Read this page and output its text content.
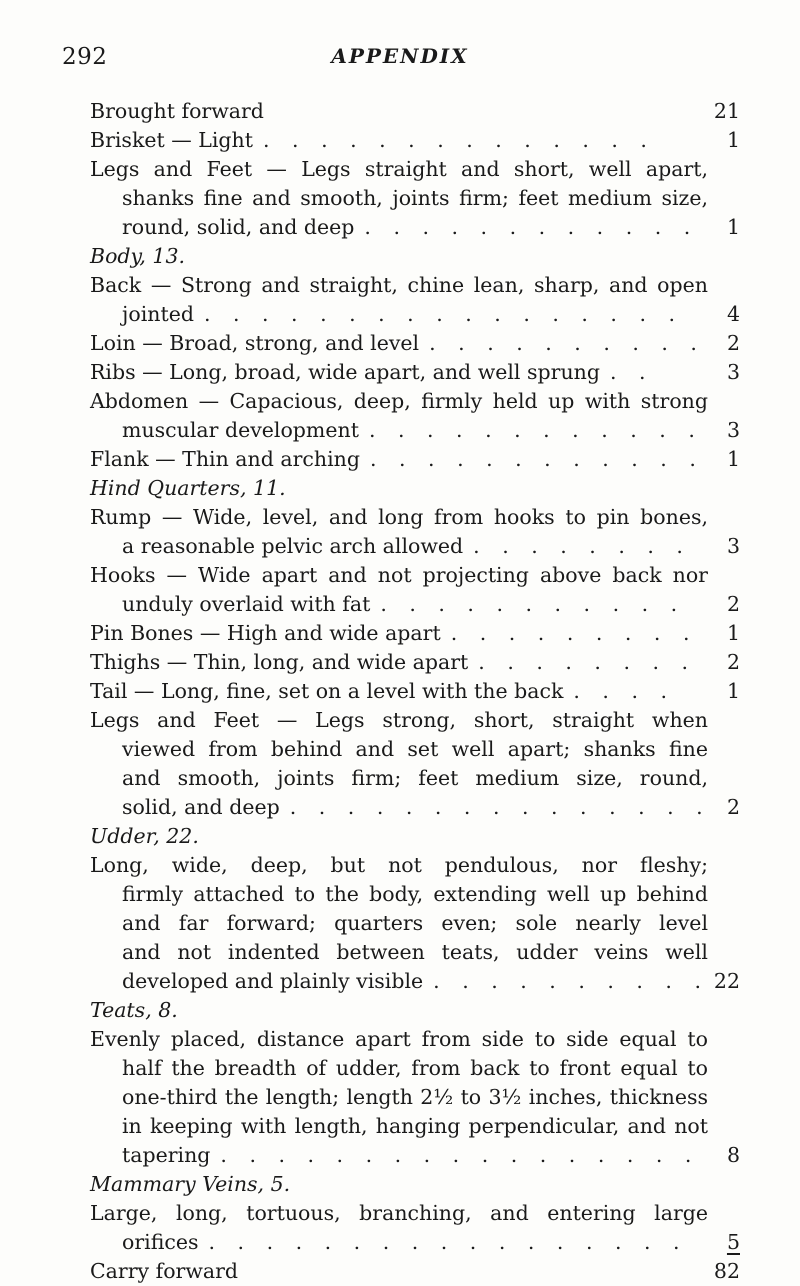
292	APPENDIX
Brought forward	21
Brisket — Light . . . . . . . . . . . . . .	1
Legs and Feet — Legs straight and short, well apart,
shanks fine and smooth, joints firm; feet medium size,
round, solid, and deep . . . . . . . . . . . . 1
Body, 13.
Back — Strong and straight, chine lean, sharp, and open
jointed . . . . . . . . . . . . . . . . . 4
Loin — Broad, strong, and level . . . . . . . . . . 2
Ribs — Long, broad, wide apart, and well sprung . .	3
Abdomen — Capacious, deep, firmly held up with strong
muscular development . . . . . . . . . . . . 3
Flank — Thin and arching . . . . . . . . . . . . 1
Hind Quarters, 11.
Rump — Wide, level, and long from hooks to pin bones,
a reasonable pelvic arch allowed . . . . . . . . 3
Hooks — Wide apart and not projecting above back nor
unduly overlaid with fat . . . . . . . . . . . 2
Pin Bones — High and wide apart . . . . . . . . . 1
Thighs — Thin, long, and wide apart . . . . . . . . 2
Tail — Long, fine, set on a level with the back . . . .	1
Legs and Feet — Legs strong, short, straight when
viewed from behind and set well apart; shanks fine
and smooth, joints firm; feet medium size, round,
solid, and deep . . . . . . . . . . . . . . . 2
Udder, 22.
Long, wide, deep, but not pendulous, nor fleshy;
firmly attached to the body, extending well up behind
and far forward; quarters even; sole nearly level
and not indented between teats, udder veins well
developed and plainly visible . . . . . . . . . . 22
Teats, 8.
Evenly placed, distance apart from side to side equal to
half the breadth of udder, from back to front equal to
one-third the length; length 2½ to 3½ inches, thickness
in keeping with length, hanging perpendicular, and not
tapering . . . . . . . . . . . . . . . . . 8
Mammary Veins, 5.
Large, long, tortuous, branching, and entering large
orifices . . . . . . . . . . . . . . . . . 5
Carry forward	82
